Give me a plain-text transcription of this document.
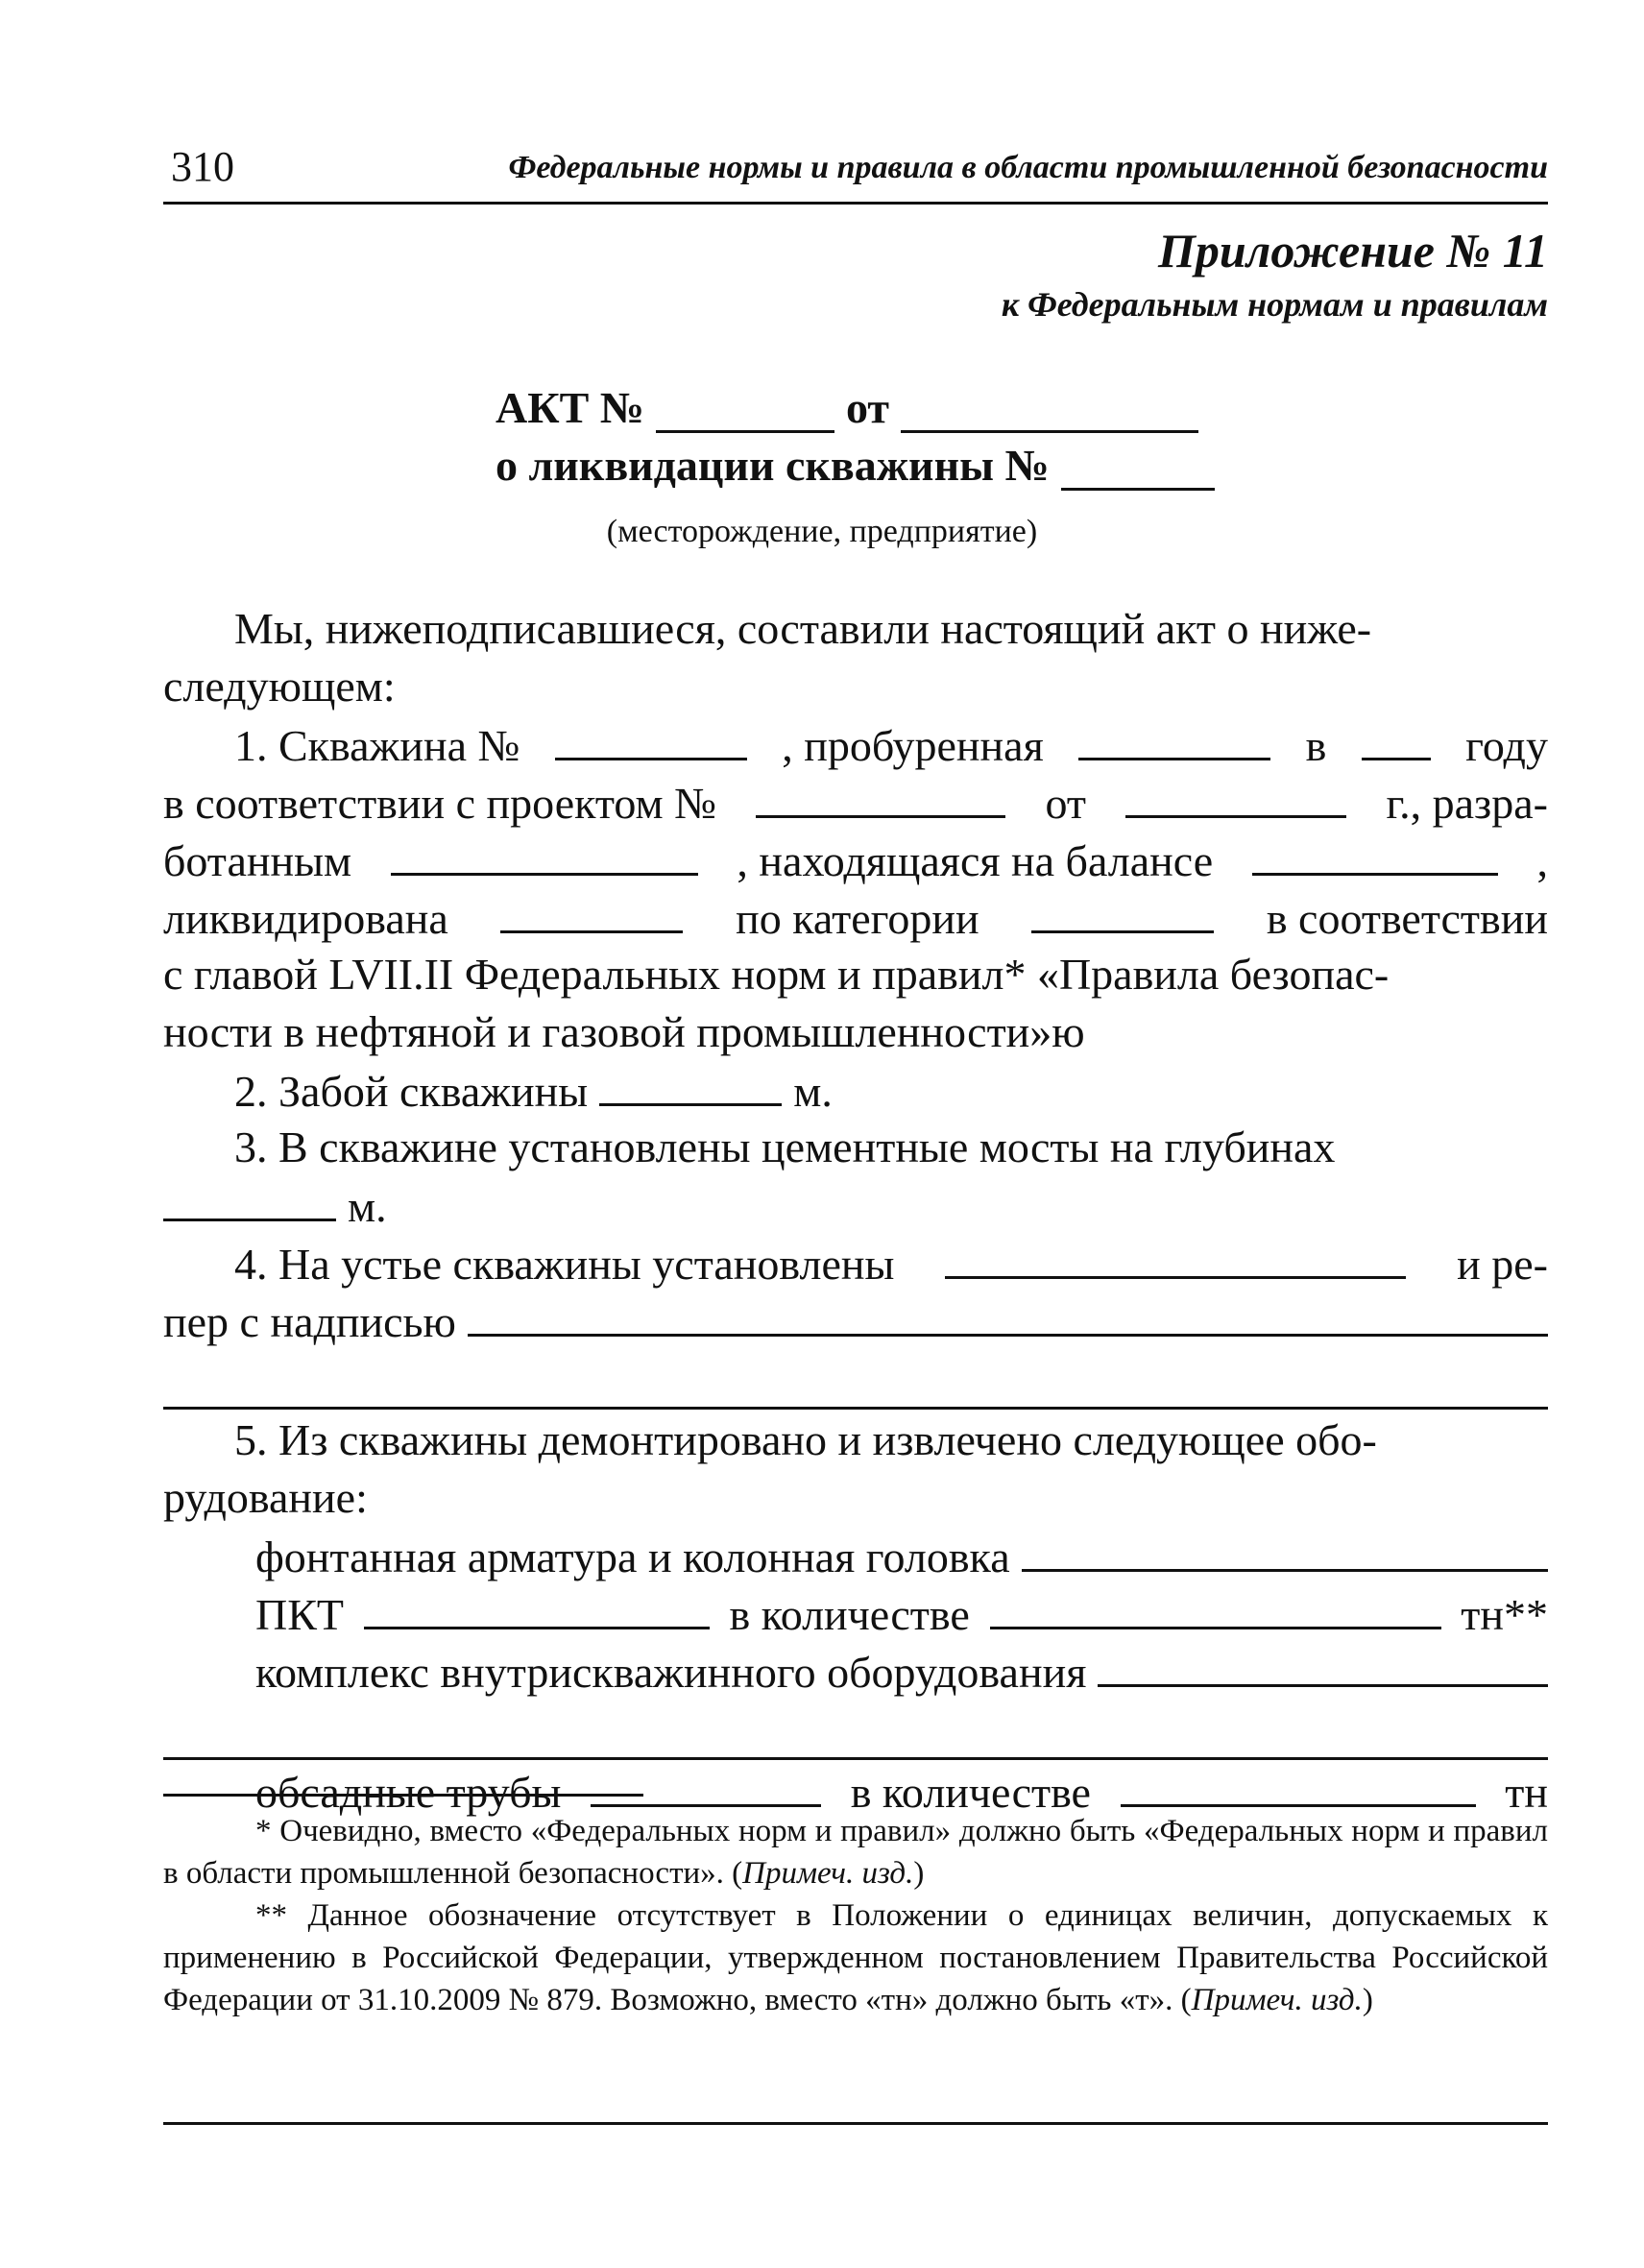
310	Федеральные нормы и правила в области промышленной безопасности
Приложение № 11
к Федеральным нормам и правилам
АКТ №	от
о ликвидации скважины №
(месторождение, предприятие)
Мы, нижеподписавшиеся, составили настоящий акт о ниже-
следующем:
1. Скважина №	, пробуренная	в	году
в соответствии с проектом №	от	г., разра-
ботанным	, находящаяся на балансе	,
ликвидирована	по категории	в соответствии
с главой LVII.II Федеральных норм и правил* «Правила безопас-
ности в нефтяной и газовой промышленности»ю
2. Забой скважины	м.
3. В скважине установлены цементные мосты на глубинах
м.
4. На устье скважины установлены	и ре-
пер с надписью
5. Из скважины демонтировано и извлечено следующее обо-
рудование:
фонтанная арматура и колонная головка
ПКТ	в количестве	тн**
комплекс внутрискважинного оборудования
обсадные трубы	в количестве	тн

* Очевидно, вместо «Федеральных норм и правил» должно быть «Федеральных норм и правил в области промышленной безопасности». (Примеч. изд.)

** Данное обозначение отсутствует в Положении о единицах величин, допускаемых к применению в Российской Федерации, утвержденном постановлением Правительства Российской Федерации от 31.10.2009 № 879. Возможно, вместо «тн» должно быть «т». (Примеч. изд.)
